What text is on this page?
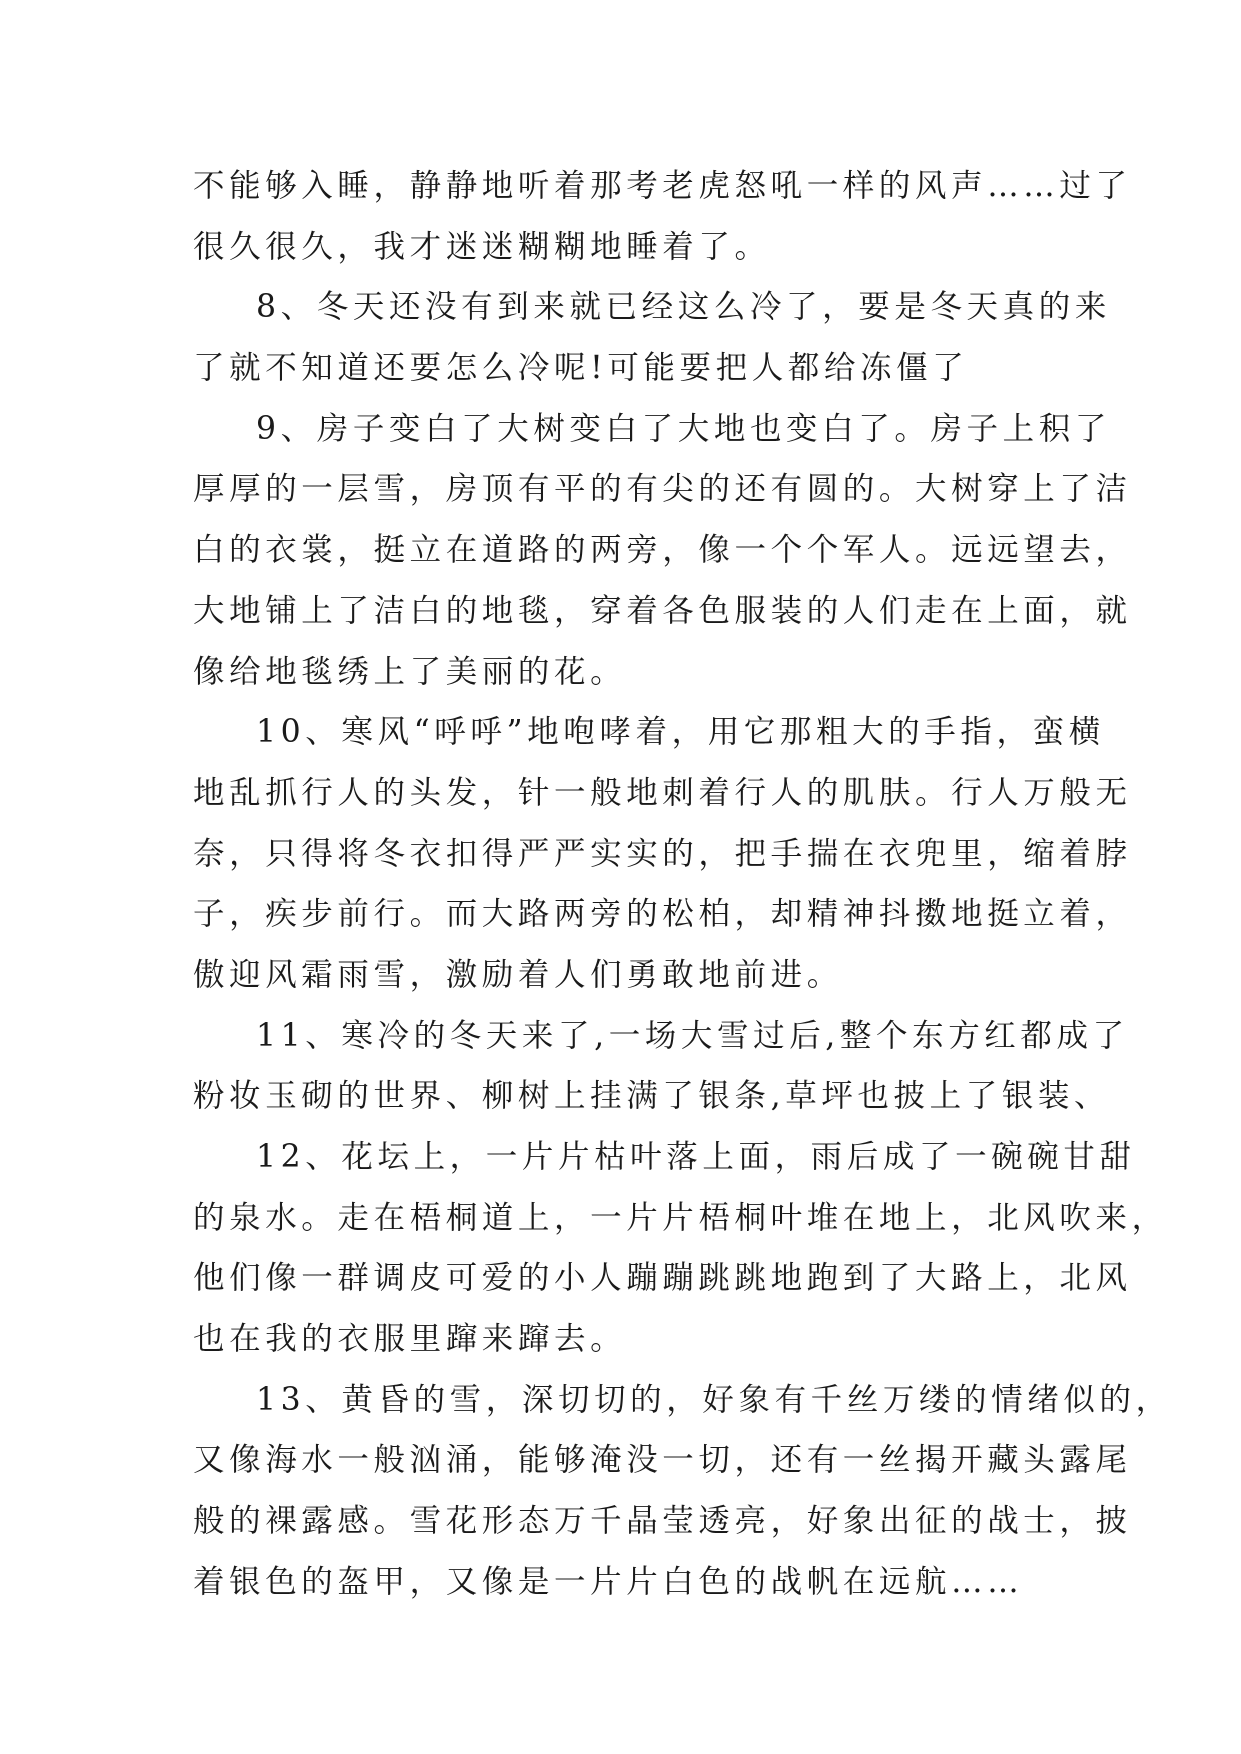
不能够入睡，静静地听着那考老虎怒吼一样的风声……过了
很久很久，我才迷迷糊糊地睡着了。
8、冬天还没有到来就已经这么冷了，要是冬天真的来
了就不知道还要怎么冷呢!可能要把人都给冻僵了
9、房子变白了大树变白了大地也变白了。房子上积了
厚厚的一层雪，房顶有平的有尖的还有圆的。大树穿上了洁
白的衣裳，挺立在道路的两旁，像一个个军人。远远望去，
大地铺上了洁白的地毯，穿着各色服装的人们走在上面，就
像给地毯绣上了美丽的花。
10、寒风“呼呼”地咆哮着，用它那粗大的手指，蛮横
地乱抓行人的头发，针一般地刺着行人的肌肤。行人万般无
奈，只得将冬衣扣得严严实实的，把手揣在衣兜里，缩着脖
子，疾步前行。而大路两旁的松柏，却精神抖擞地挺立着，
傲迎风霜雨雪，激励着人们勇敢地前进。
11、寒冷的冬天来了,一场大雪过后,整个东方红都成了
粉妆玉砌的世界、柳树上挂满了银条,草坪也披上了银装、
12、花坛上，一片片枯叶落上面，雨后成了一碗碗甘甜
的泉水。走在梧桐道上，一片片梧桐叶堆在地上，北风吹来，
他们像一群调皮可爱的小人蹦蹦跳跳地跑到了大路上，北风
也在我的衣服里蹿来蹿去。
13、黄昏的雪，深切切的，好象有千丝万缕的情绪似的，
又像海水一般汹涌，能够淹没一切，还有一丝揭开藏头露尾
般的裸露感。雪花形态万千晶莹透亮，好象出征的战士，披
着银色的盔甲，又像是一片片白色的战帆在远航……
